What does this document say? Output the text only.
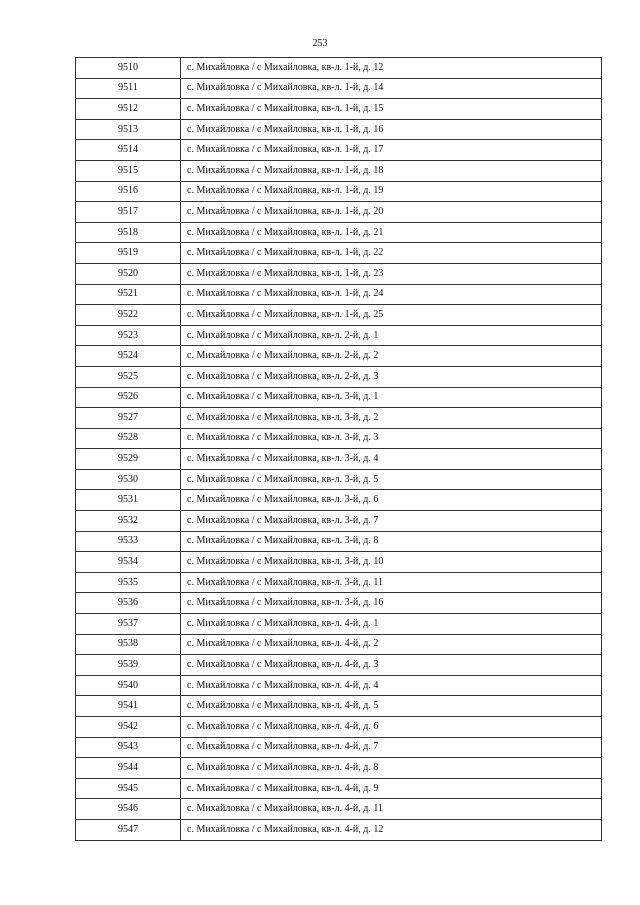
253
9510	с. Михайловка / с Михайловка, кв-л. 1-й, д. 12
9511	с. Михайловка / с Михайловка, кв-л. 1-й, д. 14
9512	с. Михайловка / с Михайловка, кв-л. 1-й, д. 15
9513	с. Михайловка / с Михайловка, кв-л. 1-й, д. 16
9514	с. Михайловка / с Михайловка, кв-л. 1-й, д. 17
9515	с. Михайловка / с Михайловка, кв-л. 1-й, д. 18
9516	с. Михайловка / с Михайловка, кв-л. 1-й, д. 19
9517	с. Михайловка / с Михайловка, кв-л. 1-й, д. 20
9518	с. Михайловка / с Михайловка, кв-л. 1-й, д. 21
9519	с. Михайловка / с Михайловка, кв-л. 1-й, д. 22
9520	с. Михайловка / с Михайловка, кв-л. 1-й, д. 23
9521	с. Михайловка / с Михайловка, кв-л. 1-й, д. 24
9522	с. Михайловка / с Михайловка, кв-л. 1-й, д. 25
9523	с. Михайловка / с Михайловка, кв-л. 2-й, д. 1
9524	с. Михайловка / с Михайловка, кв-л. 2-й, д. 2
9525	с. Михайловка / с Михайловка, кв-л. 2-й, д. 3
9526	с. Михайловка / с Михайловка, кв-л. 3-й, д. 1
9527	с. Михайловка / с Михайловка, кв-л. 3-й, д. 2
9528	с. Михайловка / с Михайловка, кв-л. 3-й, д. 3
9529	с. Михайловка / с Михайловка, кв-л. 3-й, д. 4
9530	с. Михайловка / с Михайловка, кв-л. 3-й, д. 5
9531	с. Михайловка / с Михайловка, кв-л. 3-й, д. 6
9532	с. Михайловка / с Михайловка, кв-л. 3-й, д. 7
9533	с. Михайловка / с Михайловка, кв-л. 3-й, д. 8
9534	с. Михайловка / с Михайловка, кв-л. 3-й, д. 10
9535	с. Михайловка / с Михайловка, кв-л. 3-й, д. 11
9536	с. Михайловка / с Михайловка, кв-л. 3-й, д. 16
9537	с. Михайловка / с Михайловка, кв-л. 4-й, д. 1
9538	с. Михайловка / с Михайловка, кв-л. 4-й, д. 2
9539	с. Михайловка / с Михайловка, кв-л. 4-й, д. 3
9540	с. Михайловка / с Михайловка, кв-л. 4-й, д. 4
9541	с. Михайловка / с Михайловка, кв-л. 4-й, д. 5
9542	с. Михайловка / с Михайловка, кв-л. 4-й, д. 6
9543	с. Михайловка / с Михайловка, кв-л. 4-й, д. 7
9544	с. Михайловка / с Михайловка, кв-л. 4-й, д. 8
9545	с. Михайловка / с Михайловка, кв-л. 4-й, д. 9
9546	с. Михайловка / с Михайловка, кв-л. 4-й, д. 11
9547	с. Михайловка / с Михайловка, кв-л. 4-й, д. 12
